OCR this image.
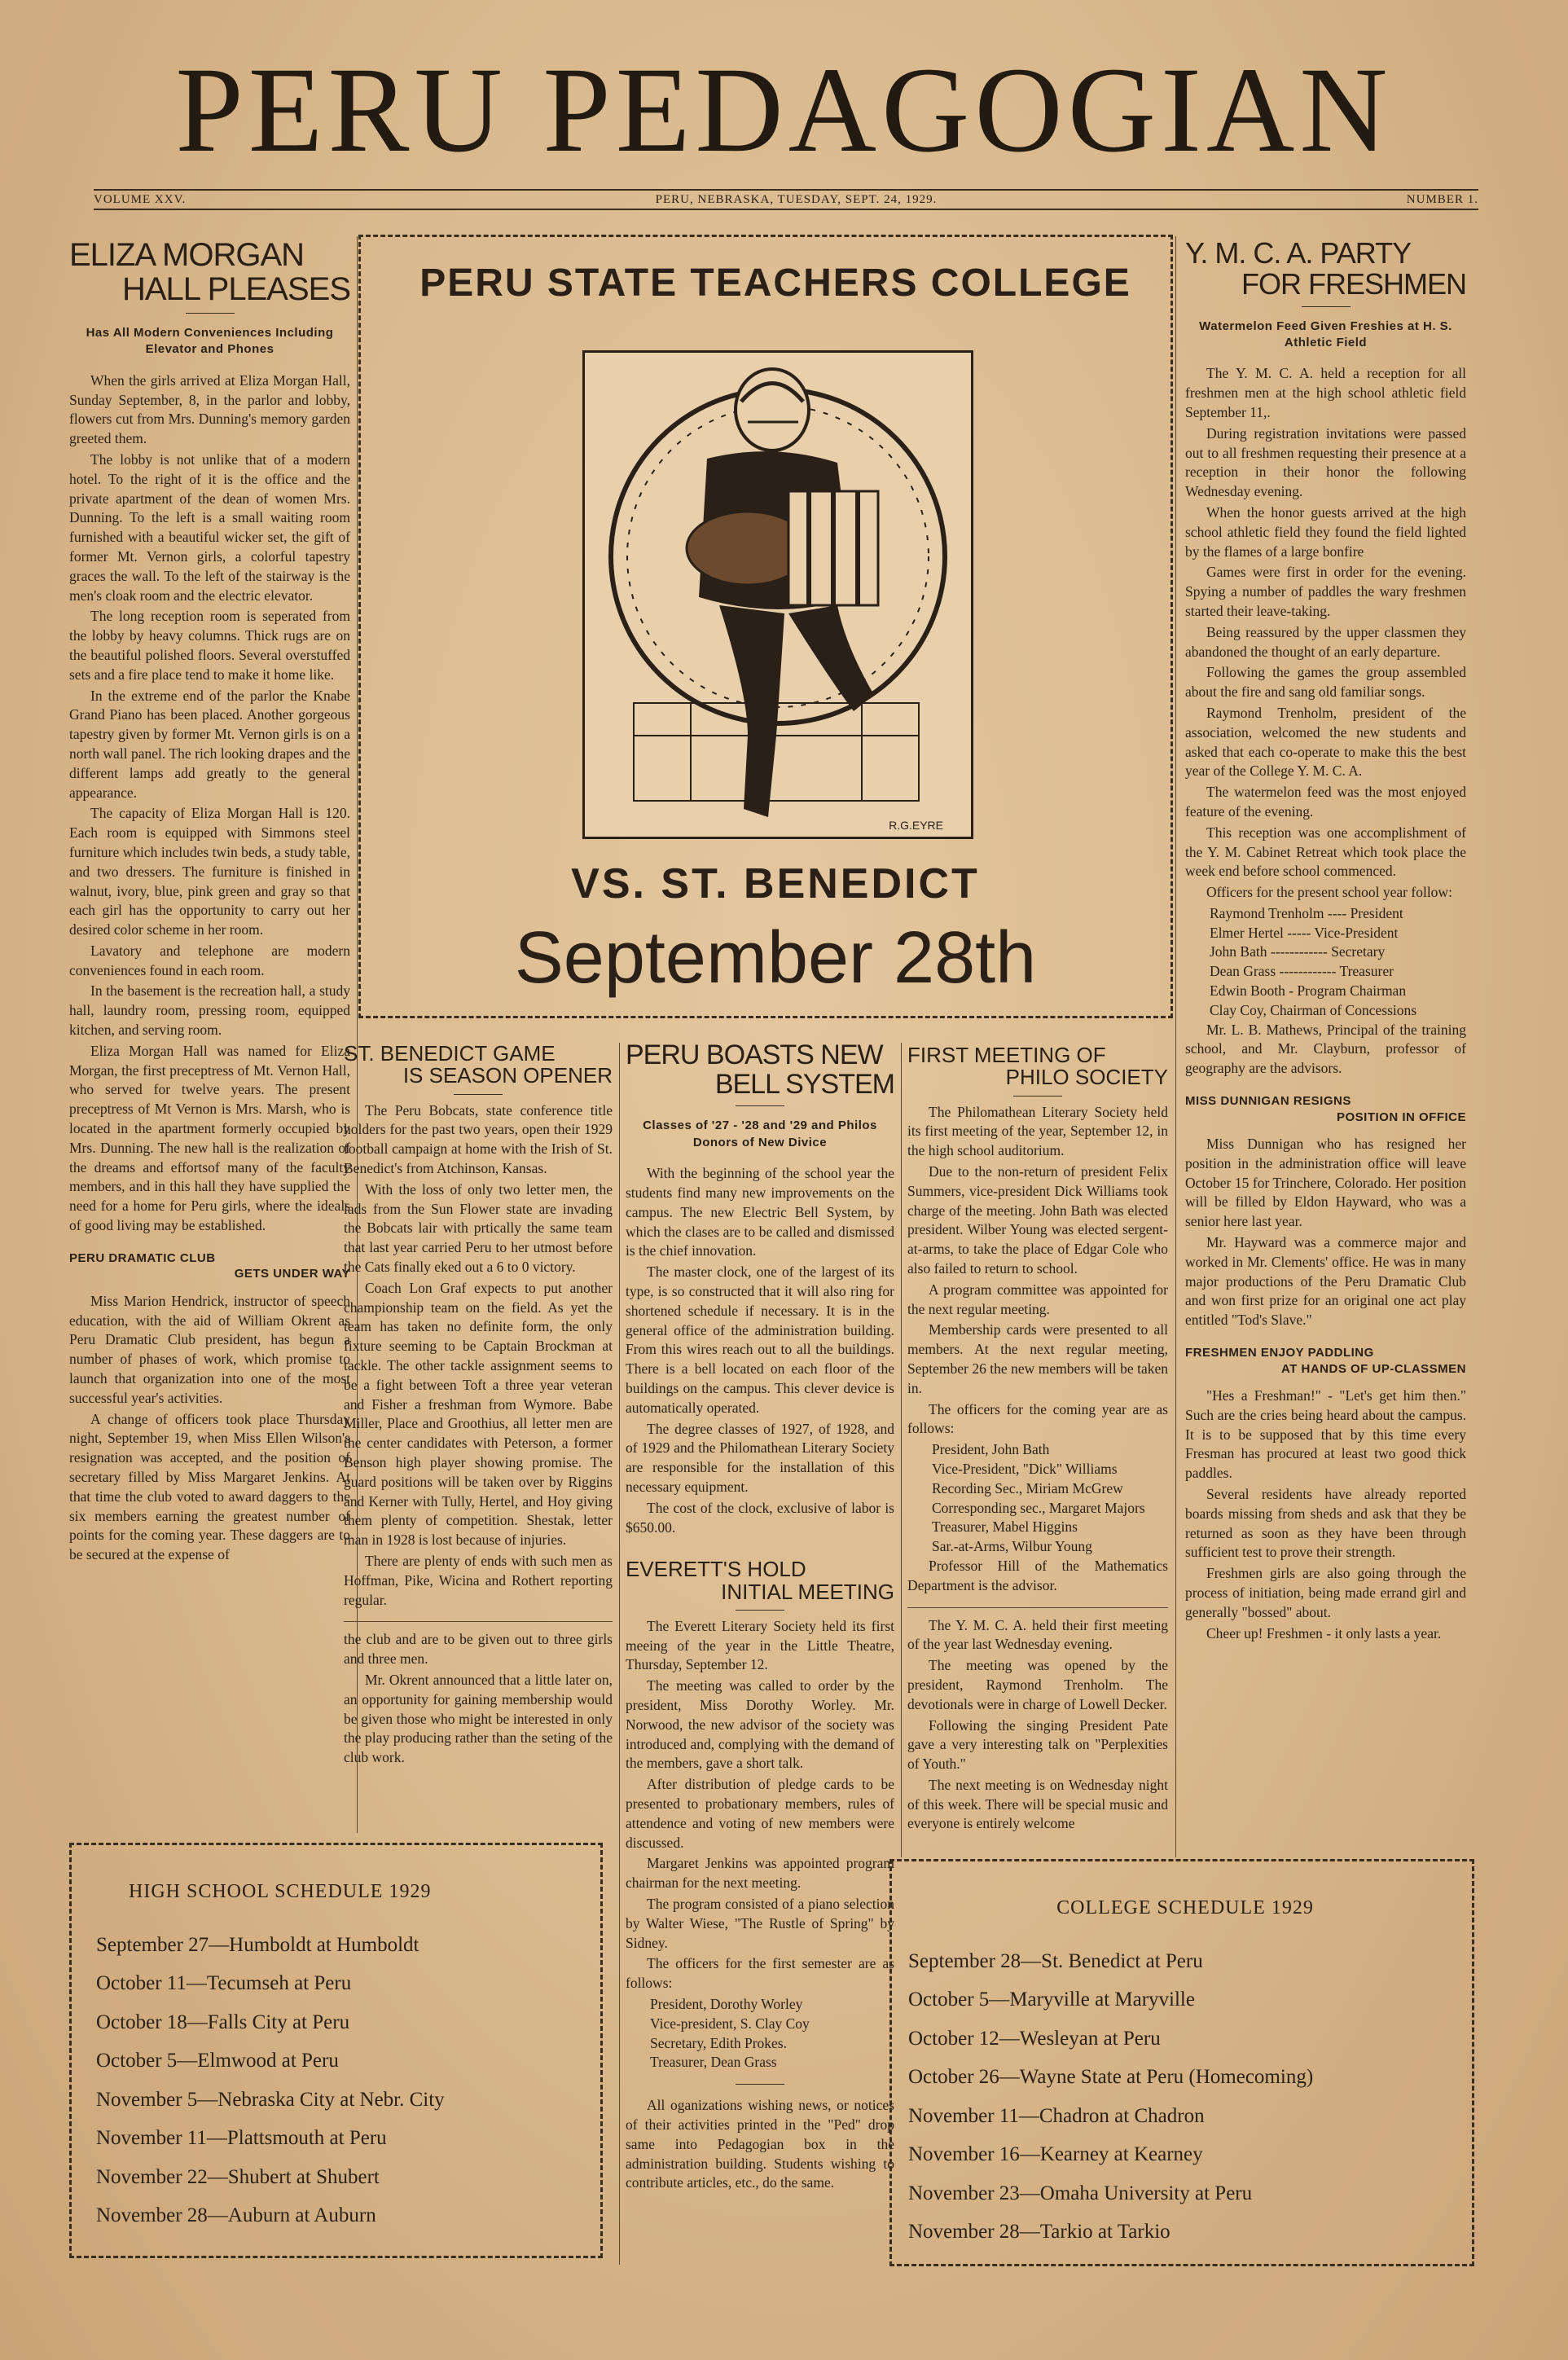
PERU PEDAGOGIAN
VOLUME XXV.	PERU, NEBRASKA, TUESDAY, SEPT. 24, 1929.	NUMBER 1.
ELIZA MORGAN
HALL PLEASES
Has All Modern Conveniences Including Elevator and Phones

When the girls arrived at Eliza Morgan Hall, Sunday September, 8, in the parlor and lobby, flowers cut from Mrs. Dunning's memory garden greeted them.

The lobby is not unlike that of a modern hotel. To the right of it is the office and the private apartment of the dean of women Mrs. Dunning. To the left is a small waiting room furnished with a beautiful wicker set, the gift of former Mt. Vernon girls, a colorful tapestry graces the wall. To the left of the stairway is the men's cloak room and the electric elevator.

The long reception room is seperated from the lobby by heavy columns. Thick rugs are on the beautiful polished floors. Several overstuffed sets and a fire place tend to make it home like.

In the extreme end of the parlor the Knabe Grand Piano has been placed. Another gorgeous tapestry given by former Mt. Vernon girls is on a north wall panel. The rich looking drapes and the different lamps add greatly to the general appearance.

The capacity of Eliza Morgan Hall is 120. Each room is equipped with Simmons steel furniture which includes twin beds, a study table, and two dressers. The furniture is finished in walnut, ivory, blue, pink green and gray so that each girl has the opportunity to carry out her desired color scheme in her room.

Lavatory and telephone are modern conveniences found in each room.

In the basement is the recreation hall, a study hall, laundry room, pressing room, equipped kitchen, and serving room.

Eliza Morgan Hall was named for Eliza Morgan, the first preceptress of Mt. Vernon Hall, who served for twelve years. The present preceptress of Mt Vernon is Mrs. Marsh, who is located in the apartment formerly occupied by Mrs. Dunning. The new hall is the realization of the dreams and effortsof many of the faculty members, and in this hall they have supplied the need for a home for Peru girls, where the ideals of good living may be established.

PERU DRAMATIC CLUB
GETS UNDER WAY

Miss Marion Hendrick, instructor of speech education, with the aid of William Okrent as Peru Dramatic Club president, has begun a number of phases of work, which promise to launch that organization into one of the most successful year's activities.

A change of officers took place Thursday night, September 19, when Miss Ellen Wilson's resignation was accepted, and the position of secretary filled by Miss Margaret Jenkins. At that time the club voted to award daggers to the six members earning the greatest number of points for the coming year. These daggers are to be secured at the expense of

PERU STATE TEACHERS COLLEGE
R.G.EYRE
VS. ST. BENEDICT
September 28th
ST. BENEDICT GAME
IS SEASON OPENER

The Peru Bobcats, state conference title holders for the past two years, open their 1929 football campaign at home with the Irish of St. Benedict's from Atchinson, Kansas.

With the loss of only two letter men, the lads from the Sun Flower state are invading the Bobcats lair with prtically the same team that last year carried Peru to her utmost before the Cats finally eked out a 6 to 0 victory.

Coach Lon Graf expects to put another championship team on the field. As yet the team has taken no definite form, the only fixture seeming to be Captain Brockman at tackle. The other tackle assignment seems to be a fight between Toft a three year veteran and Fisher a freshman from Wymore. Babe Miller, Place and Groothius, all letter men are the center candidates with Peterson, a former Benson high player showing promise. The guard positions will be taken over by Riggins and Kerner with Tully, Hertel, and Hoy giving them plenty of competition. Shestak, letter man in 1928 is lost because of injuries.

There are plenty of ends with such men as Hoffman, Pike, Wicina and Rothert reporting regular.

the club and are to be given out to three girls and three men.

Mr. Okrent announced that a little later on, an opportunity for gaining membership would be given those who might be interested in only the play producing rather than the seting of the club work.

PERU BOASTS NEW
BELL SYSTEM
Classes of '27 - '28 and '29 and Philos Donors of New Divice

With the beginning of the school year the students find many new improvements on the campus. The new Electric Bell System, by which the clases are to be called and dismissed is the chief innovation.

The master clock, one of the largest of its type, is so constructed that it will also ring for shortened schedule if necessary. It is in the general office of the administration building. From this wires reach out to all the buildings. There is a bell located on each floor of the buildings on the campus. This clever device is automatically operated.

The degree classes of 1927, of 1928, and of 1929 and the Philomathean Literary Society are responsible for the installation of this necessary equipment.

The cost of the clock, exclusive of labor is $650.00.

EVERETT'S HOLD
INITIAL MEETING

The Everett Literary Society held its first meeing of the year in the Little Theatre, Thursday, September 12.

The meeting was called to order by the president, Miss Dorothy Worley. Mr. Norwood, the new advisor of the society was introduced and, complying with the demand of the members, gave a short talk.

After distribution of pledge cards to be presented to probationary members, rules of attendence and voting of new members were discussed.

Margaret Jenkins was appointed program chairman for the next meeting.

The program consisted of a piano selection by Walter Wiese, "The Rustle of Spring" by Sidney.

The officers for the first semester are as follows:

President, Dorothy Worley
Vice-president, S. Clay Coy
Secretary, Edith Prokes.
Treasurer, Dean Grass

All oganizations wishing news, or notices of their activities printed in the "Ped" drop same into Pedagogian box in the administration building. Students wishing to contribute articles, etc., do the same.

FIRST MEETING OF
PHILO SOCIETY

The Philomathean Literary Society held its first meeting of the year, September 12, in the high school auditorium.

Due to the non-return of president Felix Summers, vice-president Dick Williams took charge of the meeting. John Bath was elected president. Wilber Young was elected sergent-at-arms, to take the place of Edgar Cole who also failed to return to school.

A program committee was appointed for the next regular meeting.

Membership cards were presented to all members. At the next regular meeting, September 26 the new members will be taken in.

The officers for the coming year are as follows:

President, John Bath
Vice-President, "Dick" Williams
Recording Sec., Miriam McGrew
Corresponding sec., Margaret Majors
Treasurer, Mabel Higgins
Sar.-at-Arms, Wilbur Young

Professor Hill of the Mathematics Department is the advisor.

The Y. M. C. A. held their first meeting of the year last Wednesday evening.

The meeting was opened by the president, Raymond Trenholm. The devotionals were in charge of Lowell Decker.

Following the singing President Pate gave a very interesting talk on "Perplexities of Youth."

The next meeting is on Wednesday night of this week. There will be special music and everyone is entirely welcome

Y. M. C. A. PARTY
FOR FRESHMEN
Watermelon Feed Given Freshies at H. S. Athletic Field

The Y. M. C. A. held a reception for all freshmen men at the high school athletic field September 11,.

During registration invitations were passed out to all freshmen requesting their presence at a reception in their honor the following Wednesday evening.

When the honor guests arrived at the high school athletic field they found the field lighted by the flames of a large bonfire

Games were first in order for the evening. Spying a number of paddles the wary freshmen started their leave-taking.

Being reassured by the upper classmen they abandoned the thought of an early departure.

Following the games the group assembled about the fire and sang old familiar songs.

Raymond Trenholm, president of the association, welcomed the new students and asked that each co-operate to make this the best year of the College Y. M. C. A.

The watermelon feed was the most enjoyed feature of the evening.

This reception was one accomplishment of the Y. M. Cabinet Retreat which took place the week end before school commenced.

Officers for the present school year follow:

Raymond Trenholm ---- President
Elmer Hertel ----- Vice-President
John Bath ------------ Secretary
Dean Grass ------------ Treasurer
Edwin Booth - Program Chairman
Clay Coy, Chairman of Concessions

Mr. L. B. Mathews, Principal of the training school, and Mr. Clayburn, professor of geography are the advisors.

MISS DUNNIGAN RESIGNS
POSITION IN OFFICE

Miss Dunnigan who has resigned her position in the administration office will leave October 15 for Trinchere, Colorado. Her position will be filled by Eldon Hayward, who was a senior here last year.

Mr. Hayward was a commerce major and worked in Mr. Clements' office. He was in many major productions of the Peru Dramatic Club and won first prize for an original one act play entitled "Tod's Slave."

FRESHMEN ENJOY PADDLING
AT HANDS OF UP-CLASSMEN

"Hes a Freshman!" - "Let's get him then." Such are the cries being heard about the campus. It is to be supposed that by this time every Fresman has procured at least two good thick paddles.

Several residents have already reported boards missing from sheds and ask that they be returned as soon as they have been through sufficient test to prove their strength.

Freshmen girls are also going through the process of initiation, being made errand girl and generally "bossed" about.

Cheer up! Freshmen - it only lasts a year.

HIGH SCHOOL SCHEDULE 1929
September 27—Humboldt at Humboldt
October 11—Tecumseh at Peru
October 18—Falls City at Peru
October 5—Elmwood at Peru
November 5—Nebraska City at Nebr. City
November 11—Plattsmouth at Peru
November 22—Shubert at Shubert
November 28—Auburn at Auburn
COLLEGE SCHEDULE 1929
September 28—St. Benedict at Peru
October 5—Maryville at Maryville
October 12—Wesleyan at Peru
October 26—Wayne State at Peru (Homecoming)
November 11—Chadron at Chadron
November 16—Kearney at Kearney
November 23—Omaha University at Peru
November 28—Tarkio at Tarkio
